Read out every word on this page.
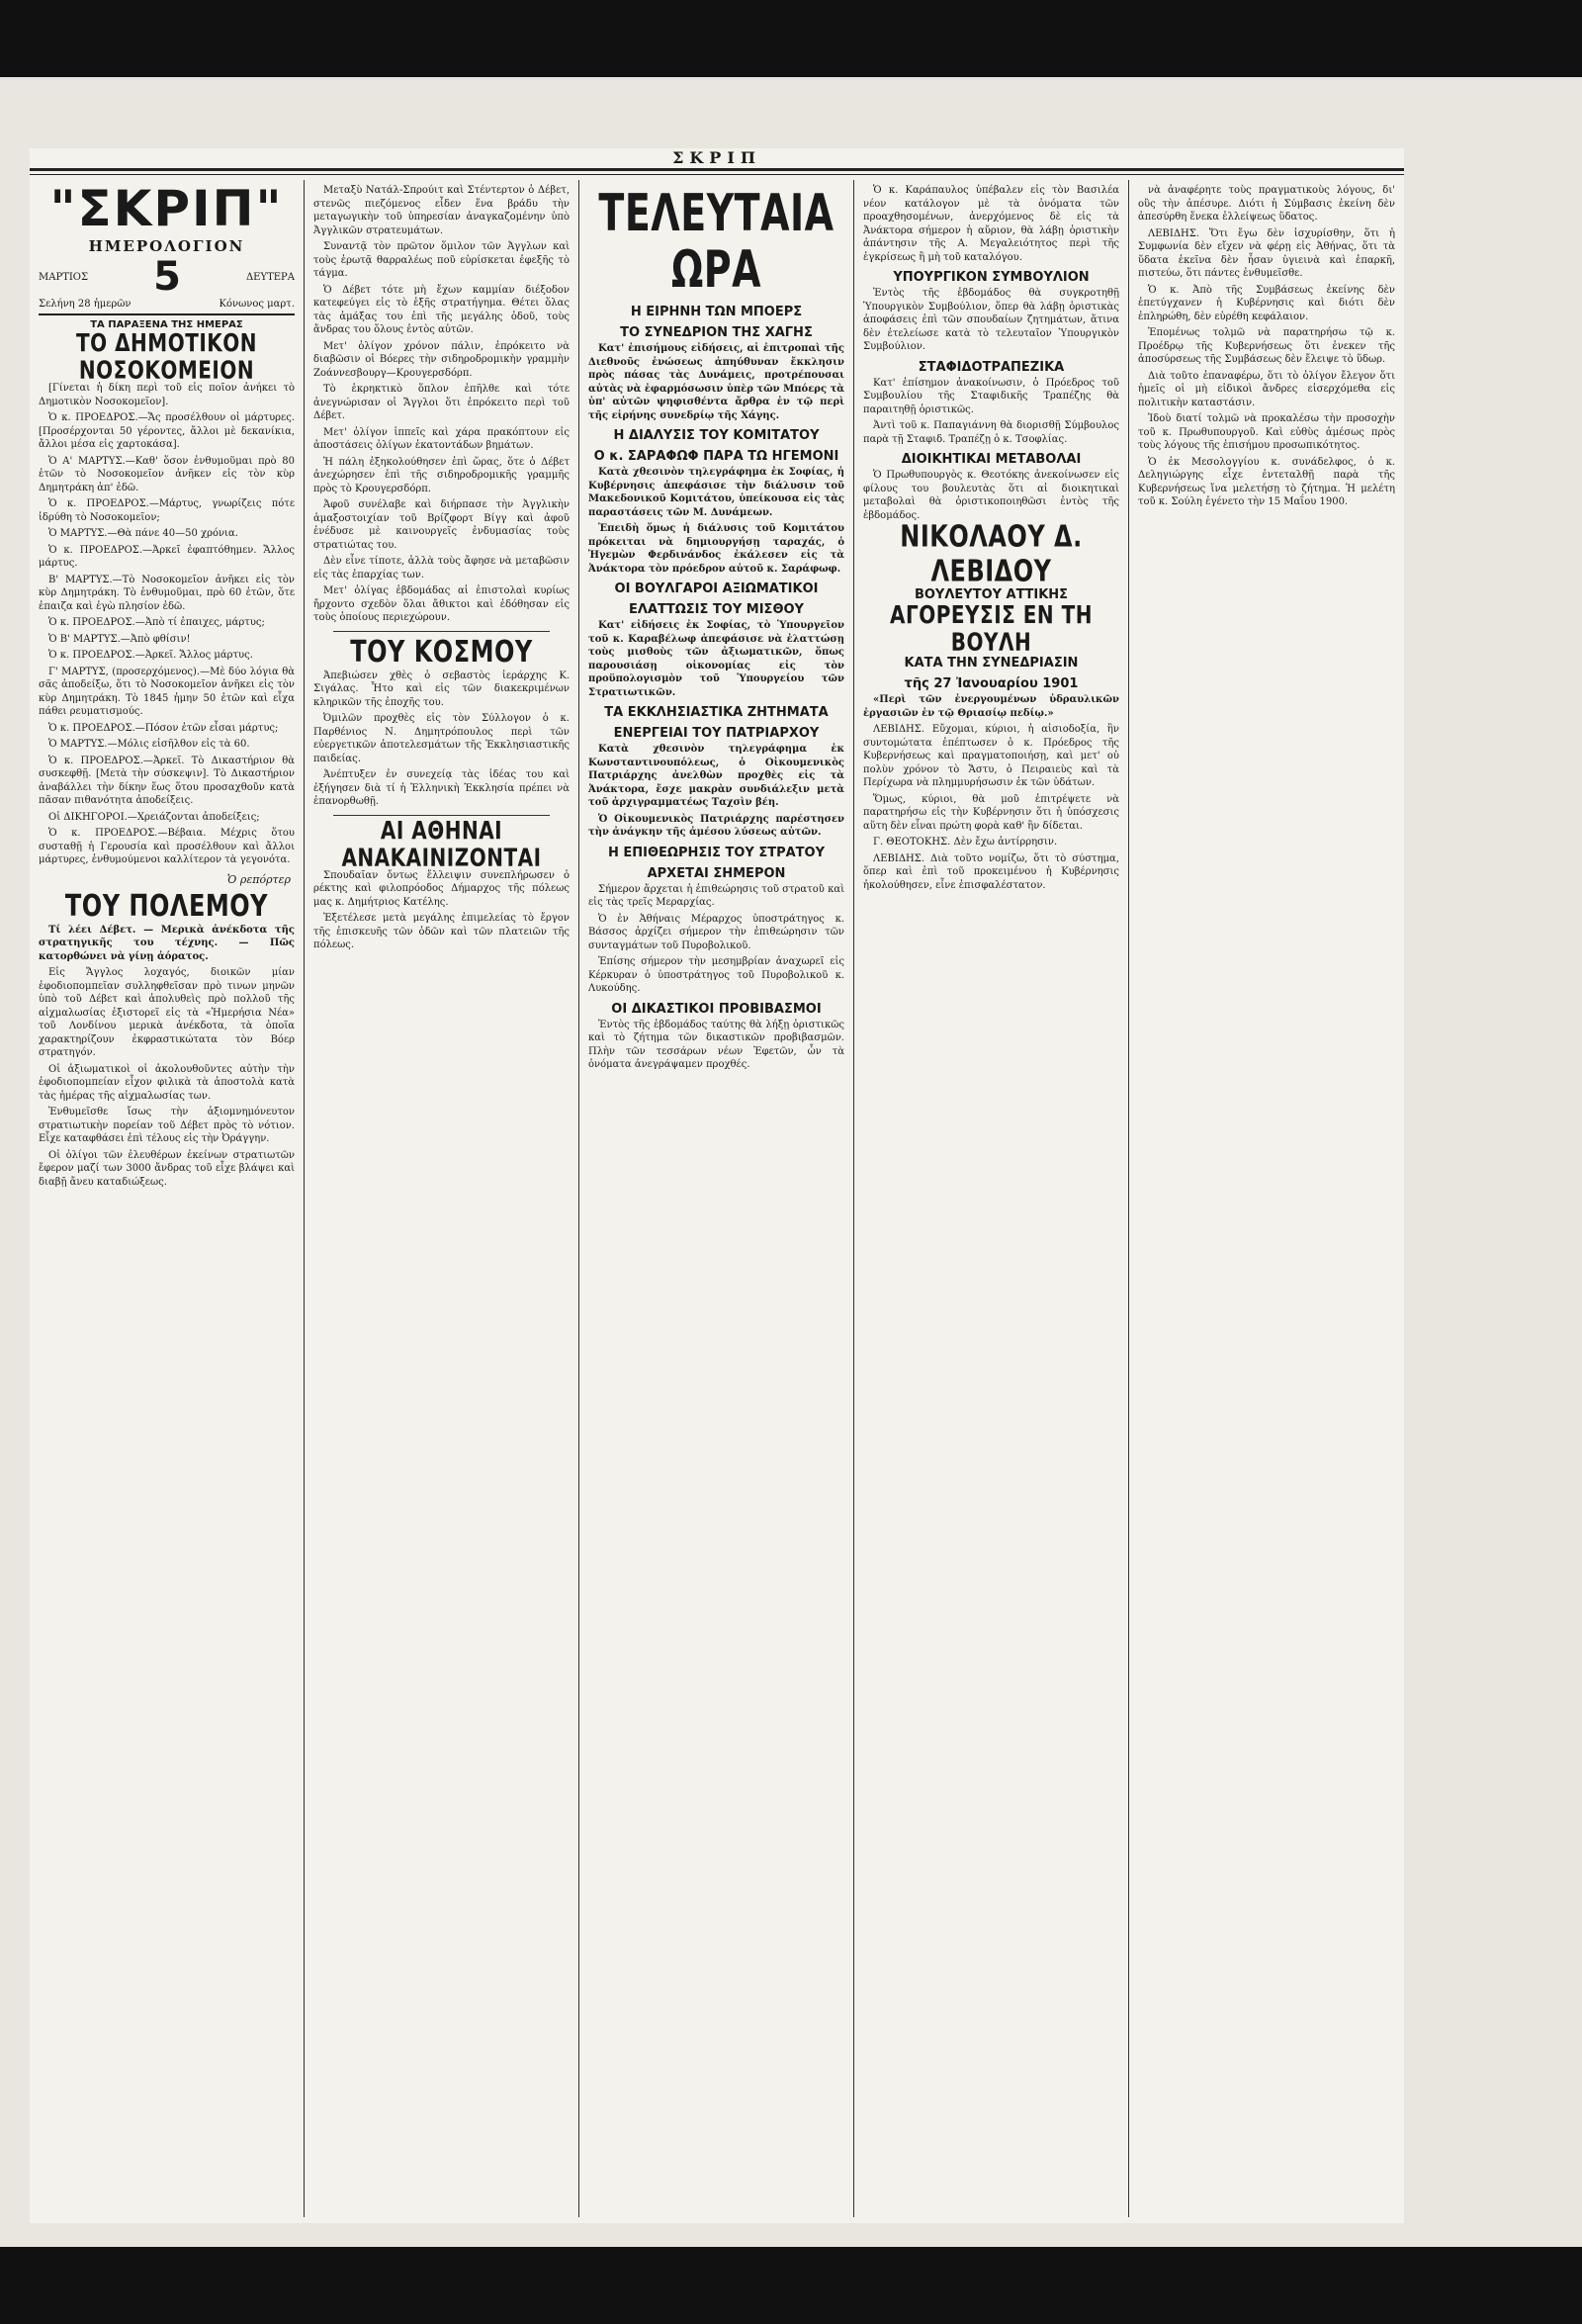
ΣΚΡΙΠ
"ΣΚΡΙΠ"
ΗΜΕΡΟΛΟΓΙΟΝ
ΜΑΡΤΙΟΣ 5	ΔΕΥΤΕΡΑ
Σελήνη 28 ἡμερῶν	Κόνωνος μαρτ.
ΤΑ ΠΑΡΑΞΕΝΑ ΤΗΣ ΗΜΕΡΑΣ
ΤΟ ΔΗΜΟΤΙΚΟΝ ΝΟΣΟΚΟΜΕΙΟΝ

[Γίνεται ἡ δίκη περὶ τοῦ εἰς ποῖον ἀνήκει τὸ Δημοτικὸν Νοσοκομεῖον].

Ὁ κ. ΠΡΟΕΔΡΟΣ.—Ἄς προσέλθουν οἱ μάρτυρες. [Προσέρχονται 50 γέροντες, ἄλλοι μὲ δεκανίκια, ἄλλοι μέσα εἰς χαρτοκάσα].

Ὁ Α' ΜΑΡΤΥΣ.—Καθ' ὅσον ἐνθυμοῦμαι πρὸ 80 ἐτῶν τὸ Νοσοκομεῖον ἀνῆκεν εἰς τὸν κὺρ Δημητράκη ἀπ' ἐδῶ.

Ὁ κ. ΠΡΟΕΔΡΟΣ.—Μάρτυς, γνωρίζεις πότε ἱδρύθη τὸ Νοσοκομεῖον;

Ὁ ΜΑΡΤΥΣ.—Θὰ πάνε 40—50 χρόνια.

Ὁ κ. ΠΡΟΕΔΡΟΣ.—Ἀρκεῖ ἐφαπτόθημεν. Ἄλλος μάρτυς.

Β' ΜΑΡΤΥΣ.—Τὸ Νοσοκομεῖον ἀνῆκει εἰς τὸν κὺρ Δημητράκη. Τὸ ἐνθυμοῦμαι, πρὸ 60 ἐτῶν, ὅτε ἐπαιζα καὶ ἐγὼ πλησίον ἐδῶ.

Ὁ κ. ΠΡΟΕΔΡΟΣ.—Ἀπὸ τί ἐπαιχες, μάρτυς;

Ὁ Β' ΜΑΡΤΥΣ.—Ἀπὸ φθίσιν!

Ὁ κ. ΠΡΟΕΔΡΟΣ.—Ἀρκεῖ. Ἄλλος μάρτυς.

Γ' ΜΑΡΤΥΣ, (προσερχόμενος).—Μὲ δύο λόγια θὰ σᾶς ἀποδείξω, ὅτι τὸ Νοσοκομεῖον ἀνῆκει εἰς τὸν κὺρ Δημητράκη. Τὸ 1845 ἡμην 50 ἐτῶν καὶ εἶχα πάθει ρευματισμούς.

Ὁ κ. ΠΡΟΕΔΡΟΣ.—Πόσον ἐτῶν εἶσαι μάρτυς;

Ὁ ΜΑΡΤΥΣ.—Μόλις εἰσῆλθον εἰς τὰ 60.

Ὁ κ. ΠΡΟΕΔΡΟΣ.—Ἀρκεῖ. Τὸ Δικαστήριον θὰ συσκεφθῇ. [Μετὰ τὴν σύσκεψιν]. Τὸ Δικαστήριον ἀναβάλλει τὴν δίκην ἕως ὅτου προσαχθοῦν κατὰ πᾶσαν πιθανότητα ἀποδείξεις.

Οἱ ΔΙΚΗΓΟΡΟΙ.—Χρειάζονται ἀποδείξεις;

Ὁ κ. ΠΡΟΕΔΡΟΣ.—Βέβαια. Μέχρις ὅτου συσταθῇ ἡ Γερουσία καὶ προσέλθουν καὶ ἄλλοι μάρτυρες, ἐνθυμούμενοι καλλίτερον τὰ γεγονότα.

Ὁ ρεπόρτερ
ΤΟΥ ΠΟΛΕΜΟΥ

Τί λέει Δέβετ. — Μερικὰ ἀνέκδοτα τῆς στρατηγικῆς του τέχνης. — Πῶς κατορθώνει νὰ γίνῃ ἀόρατος.

Εἰς Ἄγγλος λοχαγός, διοικῶν μίαν ἐφοδιοπομπεῖαν συλληφθεῖσαν πρὸ τινων μηνῶν ὑπὸ τοῦ Δέβετ καὶ ἀπολυθεὶς πρὸ πολλοῦ τῆς αἰχμαλωσίας ἐξιστορεῖ εἰς τὰ «Ἡμερήσια Νέα» τοῦ Λονδίνου μερικὰ ἀνέκδοτα, τὰ ὁποῖα χαρακτηρίζουν ἐκφραστικώτατα τὸν Βόερ στρατηγόν.

Οἱ ἀξιωματικοὶ οἱ ἀκολουθοῦντες αὐτὴν τὴν ἐφοδιοπομπείαν εἶχον φιλικὰ τὰ ἀποστολὰ κατὰ τὰς ἡμέρας τῆς αἰχμαλωσίας των.

Ἐνθυμεῖσθε ἴσως τὴν ἀξιομνημόνευτον στρατιωτικὴν πορείαν τοῦ Δέβετ πρὸς τὸ νότιον. Εἶχε καταφθάσει ἐπὶ τέλους εἰς τὴν Ὀράγγην.

Οἱ ὀλίγοι τῶν ἐλευθέρων ἐκείνων στρατιωτῶν ἔφερον μαζί των 3000 ἄνδρας τοῦ εἶχε βλάψει καὶ διαβῇ ἄνευ καταδιώξεως.

Μεταξὺ Νατάλ-Σπρούιτ καὶ Στέντερτον ὁ Δέβετ, στενῶς πιεζόμενος εἶδεν ἕνα βράδυ τὴν μεταγωγικὴν τοῦ ὑπηρεσίαν ἀναγκαζομένην ὑπὸ Ἀγγλικῶν στρατευμάτων.

Συναντᾷ τὸν πρῶτον ὅμιλον τῶν Ἀγγλων καὶ τοὺς ἐρωτᾷ θαρραλέως ποῦ εὑρίσκεται ἐφεξῆς τὸ τάγμα.

Ὁ Δέβετ τότε μὴ ἔχων καμμίαν διέξοδον κατεφεύγει εἰς τὸ ἑξῆς στρατήγημα. Θέτει ὅλας τὰς ἁμάξας του ἐπὶ τῆς μεγάλης ὁδοῦ, τοὺς ἄνδρας του ὅλους ἐντὸς αὐτῶν.

Μετ' ὀλίγον χρόνον πάλιν, ἐπρόκειτο νὰ διαβῶσιν οἱ Βόερες τὴν σιδηροδρομικὴν γραμμὴν Ζοάννεσβουργ—Κρουγερσδόρπ.

Τὸ ἑκρηκτικὸ ὅπλον ἐπῆλθε καὶ τότε ἀνεγνώρισαν οἱ Ἄγγλοι ὅτι ἐπρόκειτο περὶ τοῦ Δέβετ.

Μετ' ὀλίγον ἱππεῖς καὶ χάρα πρακόπτουν εἰς ἀποστάσεις ὀλίγων ἑκατοντάδων βημάτων.

Ἡ πάλη ἐξηκολούθησεν ἐπὶ ὥρας, ὅτε ὁ Δέβετ ἀνεχώρησεν ἐπὶ τῆς σιδηροδρομικῆς γραμμῆς πρὸς τὸ Κρουγερσδόρπ.

Ἀφοῦ συνέλαβε καὶ διήρπασε τὴν Ἀγγλικὴν ἁμαξοστοιχίαν τοῦ Βρίζφορτ Βίγγ καὶ ἀφοῦ ἐνέδυσε μὲ καινουργεῖς ἐνδυμασίας τοὺς στρατιώτας του.

Δὲν εἶνε τίποτε, ἀλλὰ τοὺς ἄφησε νὰ μεταβῶσιν εἰς τὰς ἐπαρχίας των.

Μετ' ὀλίγας ἑβδομάδας αἱ ἐπιστολαὶ κυρίως ἤρχοντο σχεδὸν ὅλαι ἄθικτοι καὶ ἐδόθησαν εἰς τοὺς ὁποίους περιεχώρουν.

ΤΟΥ ΚΟΣΜΟΥ

Ἀπεβιώσεν χθὲς ὁ σεβαστὸς ἱεράρχης Κ. Σιγάλας. Ἦτο καὶ εἰς τῶν διακεκριμένων κληρικῶν τῆς ἐποχῆς του.

Ὀμιλῶν προχθὲς εἰς τὸν Σύλλογον ὁ κ. Παρθένιος Ν. Δημητρόπουλος περὶ τῶν εὐεργετικῶν ἀποτελεσμάτων τῆς Ἑκκλησιαστικῆς παιδείας.

Ἀνέπτυξεν ἐν συνεχείᾳ τὰς ἰδέας του καὶ ἐξήγησεν διὰ τί ἡ Ἑλληνικὴ Ἐκκλησία πρέπει νὰ ἐπανορθωθῇ.

ΑΙ ΑΘΗΝΑΙ ΑΝΑΚΑΙΝΙΖΟΝΤΑΙ

Σπουδαῖαν ὄντως ἔλλειψιν συνεπλήρωσεν ὁ ρέκτης καὶ φιλοπρόοδος Δήμαρχος τῆς πόλεως μας κ. Δημήτριος Κατέλης.

Ἐξετέλεσε μετὰ μεγάλης ἐπιμελείας τὸ ἔργον τῆς ἐπισκευῆς τῶν ὁδῶν καὶ τῶν πλατειῶν τῆς πόλεως.

ΤΕΛΕΥΤΑΙΑ ΩΡΑ
Η ΕΙΡΗΝΗ ΤΩΝ ΜΠΟΕΡΣ
ΤΟ ΣΥΝΕΔΡΙΟΝ ΤΗΣ ΧΑΓΗΣ

Κατ' ἐπισήμους εἰδήσεις, αἱ ἐπιτροπαὶ τῆς Διεθνοῦς ἐνώσεως ἀπηύθυναν ἔκκλησιν πρὸς πάσας τὰς Δυνάμεις, προτρέπουσαι αὐτὰς νὰ ἐφαρμόσωσιν ὑπὲρ τῶν Μπόερς τὰ ὑπ' αὐτῶν ψηφισθέντα ἄρθρα ἐν τῷ περὶ τῆς εἰρήνης συνεδρίῳ τῆς Χάγης.

Η ΔΙΑΛΥΣΙΣ ΤΟΥ ΚΟΜΙΤΑΤΟΥ
Ο κ. ΣΑΡΑΦΩΦ ΠΑΡΑ ΤΩ ΗΓΕΜΟΝΙ

Κατὰ χθεσινὸν τηλεγράφημα ἐκ Σοφίας, ἡ Κυβέρνησις ἀπεφάσισε τὴν διάλυσιν τοῦ Μακεδονικοῦ Κομιτάτου, ὑπείκουσα εἰς τὰς παραστάσεις τῶν Μ. Δυνάμεων.

Ἐπειδὴ ὅμως ἡ διάλυσις τοῦ Κομιτάτου πρόκειται νὰ δημιουργήσῃ ταραχάς, ὁ Ἡγεμὼν Φερδινάνδος ἐκάλεσεν εἰς τὰ Ἀνάκτορα τὸν πρόεδρον αὐτοῦ κ. Σαράφωφ.

ΟΙ ΒΟΥΛΓΑΡΟΙ ΑΞΙΩΜΑΤΙΚΟΙ
ΕΛΑΤΤΩΣΙΣ ΤΟΥ ΜΙΣΘΟΥ

Κατ' εἰδήσεις ἐκ Σοφίας, τὸ Ὑπουργεῖον τοῦ κ. Καραβέλωφ ἀπεφάσισε νὰ ἐλαττώσῃ τοὺς μισθοὺς τῶν ἀξιωματικῶν, ὅπως παρουσιάσῃ οἰκονομίας εἰς τὸν προϋπολογισμὸν τοῦ Ὑπουργείου τῶν Στρατιωτικῶν.

ΤΑ ΕΚΚΛΗΣΙΑΣΤΙΚΑ ΖΗΤΗΜΑΤΑ
ΕΝΕΡΓΕΙΑΙ ΤΟΥ ΠΑΤΡΙΑΡΧΟΥ

Κατὰ χθεσινὸν τηλεγράφημα ἐκ Κωνσταντινουπόλεως, ὁ Οἰκουμενικὸς Πατριάρχης ἀνελθὼν προχθὲς εἰς τὰ Ἀνάκτορα, ἔσχε μακρὰν συνδιάλεξιν μετὰ τοῦ ἀρχιγραμματέως Ταχσὶν βέη.

Ὁ Οἰκουμενικὸς Πατριάρχης παρέστησεν τὴν ἀνάγκην τῆς ἀμέσου λύσεως αὐτῶν.

Η ΕΠΙΘΕΩΡΗΣΙΣ ΤΟΥ ΣΤΡΑΤΟΥ
ΑΡΧΕΤΑΙ ΣΗΜΕΡΟΝ

Σήμερον ἄρχεται ἡ ἐπιθεώρησις τοῦ στρατοῦ καὶ εἰς τὰς τρεῖς Μεραρχίας.

Ὁ ἐν Ἀθήναις Μέραρχος ὑποστράτηγος κ. Βάσσος ἀρχίζει σήμερον τὴν ἐπιθεώρησιν τῶν συνταγμάτων τοῦ Πυροβολικοῦ.

Ἐπίσης σήμερον τὴν μεσημβρίαν ἀναχωρεῖ εἰς Κέρκυραν ὁ ὑποστράτηγος τοῦ Πυροβολικοῦ κ. Λυκούδης.

ΟΙ ΔΙΚΑΣΤΙΚΟΙ ΠΡΟΒΙΒΑΣΜΟΙ

Ἐντὸς τῆς ἑβδομάδος ταύτης θὰ λήξῃ ὁριστικῶς καὶ τὸ ζήτημα τῶν δικαστικῶν προβιβασμῶν. Πλὴν τῶν τεσσάρων νέων Ἐφετῶν, ὧν τὰ ὀνόματα ἀνεγράψαμεν προχθές.

Ὁ κ. Καράπαυλος ὑπέβαλεν εἰς τὸν Βασιλέα νέον κατάλογον μὲ τὰ ὀνόματα τῶν προαχθησομένων, ἀνερχόμενος δὲ εἰς τὰ Ἀνάκτορα σήμερον ἡ αὔριον, θὰ λάβῃ ὁριστικὴν ἀπάντησιν τῆς Α. Μεγαλειότητος περὶ τῆς ἐγκρίσεως ἢ μὴ τοῦ καταλόγου.

ΥΠΟΥΡΓΙΚΟΝ ΣΥΜΒΟΥΛΙΟΝ

Ἐντὸς τῆς ἑβδομάδος θὰ συγκροτηθῇ Ὑπουργικὸν Συμβούλιον, ὅπερ θὰ λάβῃ ὁριστικὰς ἀποφάσεις ἐπὶ τῶν σπουδαίων ζητημάτων, ἅτινα δὲν ἐτελείωσε κατὰ τὸ τελευταῖον Ὑπουργικὸν Συμβούλιον.

ΣΤΑΦΙΔΟΤΡΑΠΕΖΙΚΑ

Κατ' ἐπίσημον ἀνακοίνωσιν, ὁ Πρόεδρος τοῦ Συμβουλίου τῆς Σταφιδικῆς Τραπέζης θὰ παραιτηθῇ ὁριστικῶς.

Ἀντὶ τοῦ κ. Παπαγιάννη θὰ διορισθῇ Σύμβουλος παρὰ τῇ Σταφιδ. Τραπέζῃ ὁ κ. Τσοφλίας.

ΔΙΟΙΚΗΤΙΚΑΙ ΜΕΤΑΒΟΛΑΙ

Ὁ Πρωθυπουργὸς κ. Θεοτόκης ἀνεκοίνωσεν εἰς φίλους του βουλευτὰς ὅτι αἱ διοικητικαὶ μεταβολαὶ θὰ ὁριστικοποιηθῶσι ἐντὸς τῆς ἑβδομάδος.

ΝΙΚΟΛΑΟΥ Δ. ΛΕΒΙΔΟΥ
ΒΟΥΛΕΥΤΟΥ ΑΤΤΙΚΗΣ
ΑΓΟΡΕΥΣΙΣ ΕΝ ΤΗ ΒΟΥΛΗ
ΚΑΤΑ ΤΗΝ ΣΥΝΕΔΡΙΑΣΙΝ
τῆς 27 Ἰανουαρίου 1901

«Περὶ τῶν ἐνεργουμένων ὑδραυλικῶν ἐργασιῶν ἐν τῷ Θριασίῳ πεδίῳ.»

ΛΕΒΙΔΗΣ. Εὔχομαι, κύριοι, ἡ αἰσιοδοξία, ἣν συντομώτατα ἐπέπτωσεν ὁ κ. Πρόεδρος τῆς Κυβερνήσεως καὶ πραγματοποιήσῃ, καὶ μετ' οὐ πολὺν χρόνον τὸ Ἄστυ, ὁ Πειραιεὺς καὶ τὰ Περίχωρα νὰ πλημμυρήσωσιν ἐκ τῶν ὑδάτων.

Ὅμως, κύριοι, θὰ μοῦ ἐπιτρέψετε νὰ παρατηρήσω εἰς τὴν Κυβέρνησιν ὅτι ἡ ὑπόσχεσις αὕτη δὲν εἶναι πρώτη φορὰ καθ' ἣν δίδεται.

Γ. ΘΕΟΤΟΚΗΣ. Δὲν ἔχω ἀντίρρησιν.

ΛΕΒΙΔΗΣ. Διὰ τοῦτο νομίζω, ὅτι τὸ σύστημα, ὅπερ καὶ ἐπὶ τοῦ προκειμένου ἡ Κυβέρνησις ἠκολούθησεν, εἶνε ἐπισφαλέστατον.

νὰ ἀναφέρητε τοὺς πραγματικοὺς λόγους, δι' οὓς τὴν ἀπέσυρε. Διότι ἡ Σύμβασις ἐκείνη δὲν ἀπεσύρθη ἕνεκα ἐλλείψεως ὕδατος.

ΛΕΒΙΔΗΣ. Ὅτι ἔγω δὲν ἰσχυρίσθην, ὅτι ἡ Συμφωνία δὲν εἴχεν νὰ φέρῃ εἰς Ἀθήνας, ὅτι τὰ ὕδατα ἐκεῖνα δὲν ἦσαν ὑγιεινὰ καὶ ἐπαρκῆ, πιστεύω, ὅτι πάντες ἐνθυμεῖσθε.

Ὁ κ. Ἀπὸ τῆς Συμβάσεως ἐκείνης δὲν ἐπετύγχανεν ἡ Κυβέρνησις καὶ διότι δὲν ἐπληρώθη, δὲν εὑρέθη κεφάλαιον.

Ἐπομένως τολμῶ νὰ παρατηρήσω τῷ κ. Προέδρῳ τῆς Κυβερνήσεως ὅτι ἐνεκεν τῆς ἀποσύρσεως τῆς Συμβάσεως δὲν ἔλειψε τὸ ὕδωρ.

Διὰ τοῦτο ἐπαναφέρω, ὅτι τὸ ὀλίγον ἔλεγον ὅτι ἡμεῖς οἱ μὴ εἰδικοὶ ἄνδρες εἰσερχόμεθα εἰς πολιτικὴν καταστάσιν.

Ἰδοὺ διατί τολμῶ νὰ προκαλέσω τὴν προσοχὴν τοῦ κ. Πρωθυπουργοῦ. Καὶ εὐθὺς ἀμέσως πρὸς τοὺς λόγους τῆς ἐπισήμου προσωπικότητος.

Ὁ ἐκ Μεσολογγίου κ. συνάδελφος, ὁ κ. Δεληγιώργης εἶχε ἐντεταλθῇ παρὰ τῆς Κυβερνήσεως ἵνα μελετήσῃ τὸ ζήτημα. Ἡ μελέτη τοῦ κ. Σούλη ἐγένετο τὴν 15 Μαΐου 1900.
